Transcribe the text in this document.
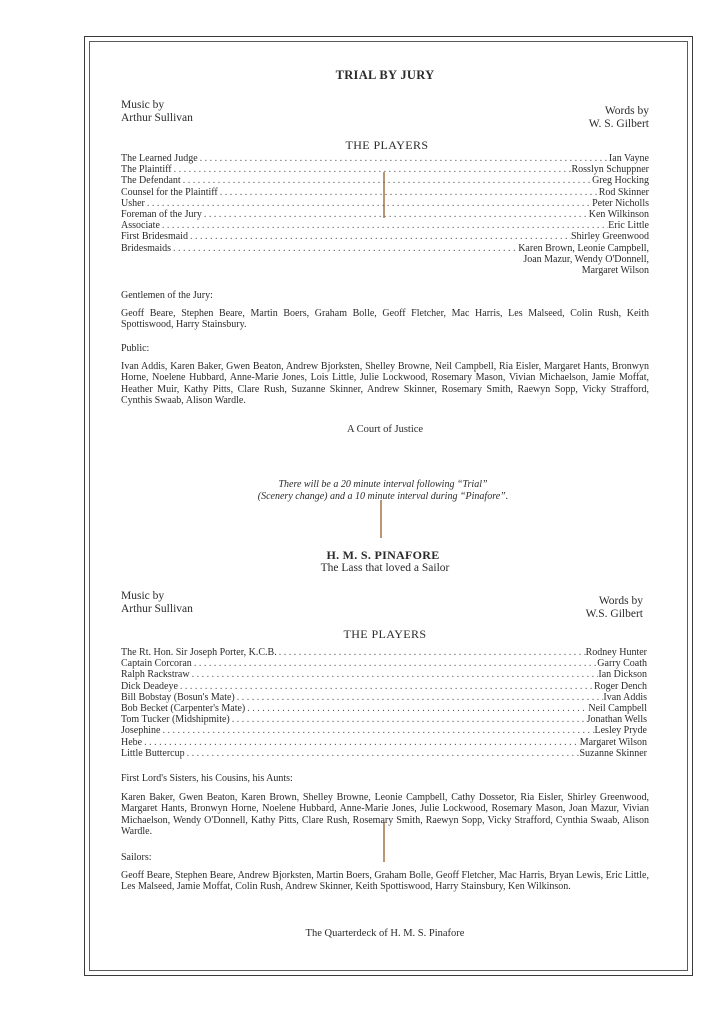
TRIAL BY JURY
Music by
Arthur Sullivan
Words by
W. S. Gilbert
THE PLAYERS
The Learned Judge . . .	Ian Vayne
The Plaintiff . . .	Rosslyn Schuppner
The Defendant . . .	Greg Hocking
Counsel for the Plaintiff . . .	Rod Skinner
Usher . . .	Peter Nicholls
Foreman of the Jury . . .	Ken Wilkinson
Associate . . .	Eric Little
First Bridesmaid . . .	Shirley Greenwood
Bridesmaids . . .	Karen Brown, Leonie Campbell,
Joan Mazur, Wendy O'Donnell,
Margaret Wilson
Gentlemen of the Jury:
Geoff Beare, Stephen Beare, Martin Boers, Graham Bolle, Geoff Fletcher, Mac Harris, Les Malseed, Colin Rush, Keith Spottiswood, Harry Stainsbury.
Public:
Ivan Addis, Karen Baker, Gwen Beaton, Andrew Bjorksten, Shelley Browne, Neil Campbell, Ria Eisler, Margaret Hants, Bronwyn Horne, Noelene Hubbard, Anne-Marie Jones, Lois Little, Julie Lockwood, Rosemary Mason, Vivian Michaelson, Jamie Moffat, Heather Muir, Kathy Pitts, Clare Rush, Suzanne Skinner, Andrew Skinner, Rosemary Smith, Raewyn Sopp, Vicky Strafford, Cynthis Swaab, Alison Wardle.
A Court of Justice
There will be a 20 minute interval following “Trial”
(Scenery change) and a 10 minute interval during “Pinafore”.
H. M. S. PINAFORE
The Lass that loved a Sailor
Music by
Arthur Sullivan
Words by
W.S. Gilbert
THE PLAYERS
The Rt. Hon. Sir Joseph Porter, K.C.B. . . .	Rodney Hunter
Captain Corcoran . . .	Garry Coath
Ralph Rackstraw . . .	Ian Dickson
Dick Deadeye . . .	Roger Dench
Bill Bobstay (Bosun's Mate) . . .	Ivan Addis
Bob Becket (Carpenter's Mate) . . .	Neil Campbell
Tom Tucker (Midshipmite) . . .	Jonathan Wells
Josephine . . .	Lesley Pryde
Hebe . . .	Margaret Wilson
Little Buttercup . . .	Suzanne Skinner
First Lord's Sisters, his Cousins, his Aunts:
Karen Baker, Gwen Beaton, Karen Brown, Shelley Browne, Leonie Campbell, Cathy Dossetor, Ria Eisler, Shirley Greenwood, Margaret Hants, Bronwyn Horne, Noelene Hubbard, Anne-Marie Jones, Julie Lockwood, Rosemary Mason, Joan Mazur, Vivian Michaelson, Wendy O'Donnell, Kathy Pitts, Clare Rush, Rosemary Smith, Raewyn Sopp, Vicky Strafford, Cynthia Swaab, Alison Wardle.
Sailors:
Geoff Beare, Stephen Beare, Andrew Bjorksten, Martin Boers, Graham Bolle, Geoff Fletcher, Mac Harris, Bryan Lewis, Eric Little, Les Malseed, Jamie Moffat, Colin Rush, Andrew Skinner, Keith Spottiswood, Harry Stainsbury, Ken Wilkinson.
The Quarterdeck of H. M. S. Pinafore
